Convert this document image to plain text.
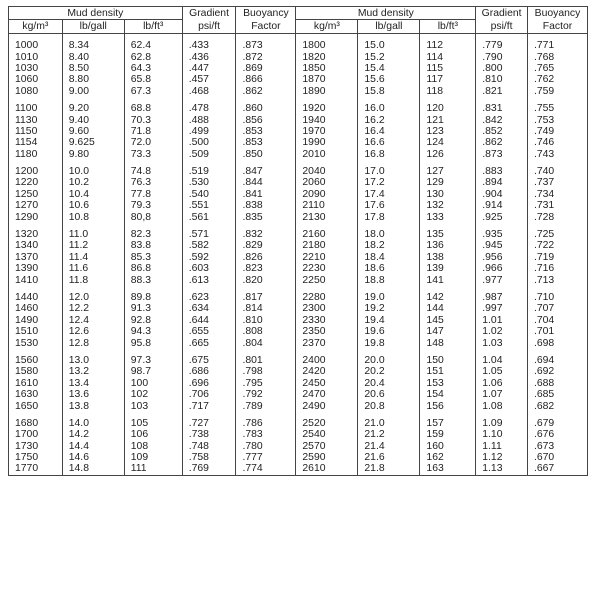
Mud density			Gradient	Buoyancy	Mud density			Gradient	Buoyancy
kg/m³	lb/gall	lb/ft³	psi/ft	Factor	kg/m³	lb/gall	lb/ft³	psi/ft	Factor

1000	8.34	62.4	.433	.873	1800	15.0	112	.779	.771
1010	8.40	62.8	.436	.872	1820	15.2	114	.790	.768
1030	8.50	64.3	.447	.869	1850	15.4	115	.800	.765
1060	8.80	65.8	.457	.866	1870	15.6	117	.810	.762
1080	9.00	67.3	.468	.862	1890	15.8	118	.821	.759

1100	9.20	68.8	.478	.860	1920	16.0	120	.831	.755
1130	9.40	70.3	.488	.856	1940	16.2	121	.842	.753
1150	9.60	71.8	.499	.853	1970	16.4	123	.852	.749
1154	9.625	72.0	.500	.853	1990	16.6	124	.862	.746
1180	9.80	73.3	.509	.850	2010	16.8	126	.873	.743

1200	10.0	74.8	.519	.847	2040	17.0	127	.883	.740
1220	10.2	76.3	.530	.844	2060	17.2	129	.894	.737
1250	10.4	77.8	.540	.841	2090	17.4	130	.904	.734
1270	10.6	79.3	.551	.838	2110	17.6	132	.914	.731
1290	10.8	80,8	.561	.835	2130	17.8	133	.925	.728

1320	11.0	82.3	.571	.832	2160	18.0	135	.935	.725
1340	11.2	83.8	.582	.829	2180	18.2	136	.945	.722
1370	11.4	85.3	.592	.826	2210	18.4	138	.956	.719
1390	11.6	86.8	.603	.823	2230	18.6	139	.966	.716
1410	11.8	88.3	.613	.820	2250	18.8	141	.977	.713

1440	12.0	89.8	.623	.817	2280	19.0	142	.987	.710
1460	12.2	91.3	.634	.814	2300	19.2	144	.997	.707
1490	12.4	92.8	.644	.810	2330	19.4	145	1.01	.704
1510	12.6	94.3	.655	.808	2350	19.6	147	1.02	.701
1530	12.8	95.8	.665	.804	2370	19.8	148	1.03	.698

1560	13.0	97.3	.675	.801	2400	20.0	150	1.04	.694
1580	13.2	98.7	.686	.798	2420	20.2	151	1.05	.692
1610	13.4	100	.696	.795	2450	20.4	153	1.06	.688
1630	13.6	102	.706	.792	2470	20.6	154	1.07	.685
1650	13.8	103	.717	.789	2490	20.8	156	1.08	.682

1680	14.0	105	.727	.786	2520	21.0	157	1.09	.679
1700	14.2	106	.738	.783	2540	21.2	159	1.10	.676
1730	14.4	108	.748	.780	2570	21.4	160	1.11	.673
1750	14.6	109	.758	.777	2590	21.6	162	1.12	.670
1770	14.8	111	.769	.774	2610	21.8	163	1.13	.667
